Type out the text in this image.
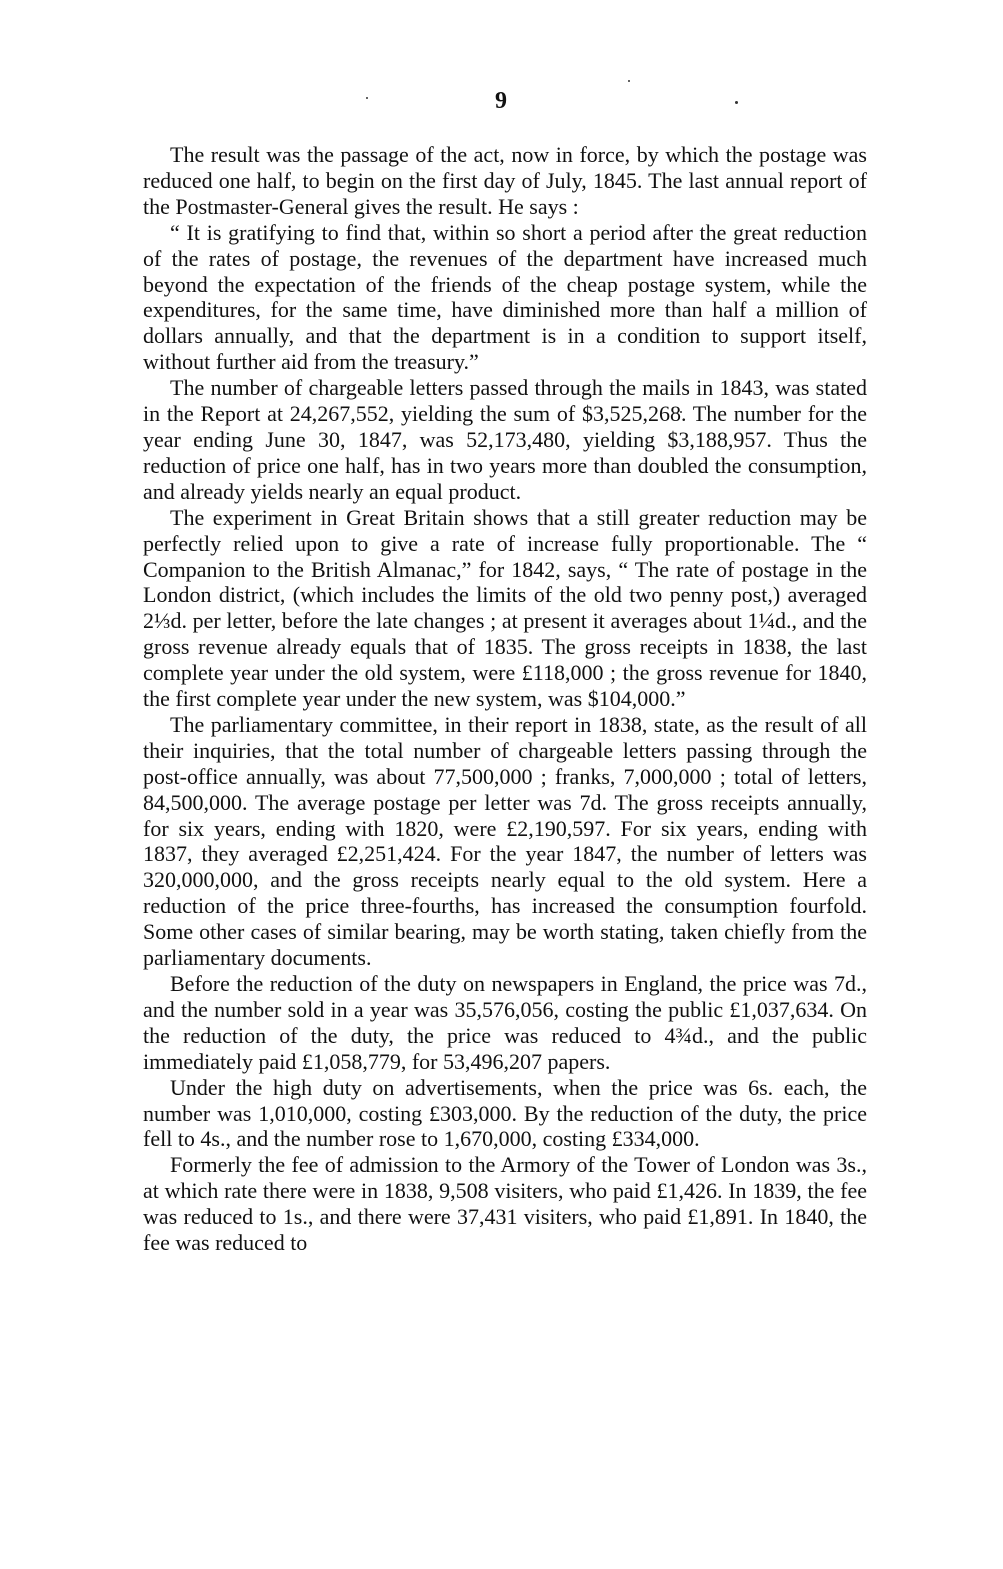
9

The result was the passage of the act, now in force, by which the postage was reduced one half, to begin on the first day of July, 1845. The last annual report of the Postmaster-General gives the result. He says :

“ It is gratifying to find that, within so short a period after the great reduction of the rates of postage, the revenues of the department have increased much beyond the expectation of the friends of the cheap postage system, while the expenditures, for the same time, have diminished more than half a million of dollars annually, and that the department is in a condition to support itself, without further aid from the treasury.”

The number of chargeable letters passed through the mails in 1843, was stated in the Report at 24,267,552, yielding the sum of $3,525,268. The number for the year ending June 30, 1847, was 52,173,480, yielding $3,188,957. Thus the reduction of price one half, has in two years more than doubled the consumption, and already yields nearly an equal product.

The experiment in Great Britain shows that a still greater reduction may be perfectly relied upon to give a rate of increase fully proportionable. The “ Companion to the British Almanac,” for 1842, says, “ The rate of postage in the London district, (which includes the limits of the old two penny post,) averaged 2⅓d. per letter, before the late changes ; at present it averages about 1¼d., and the gross revenue already equals that of 1835. The gross receipts in 1838, the last complete year under the old system, were £118,000 ; the gross revenue for 1840, the first complete year under the new system, was $104,000.”

The parliamentary committee, in their report in 1838, state, as the result of all their inquiries, that the total number of chargeable letters passing through the post-office annually, was about 77,500,000 ; franks, 7,000,000 ; total of letters, 84,500,000. The average postage per letter was 7d. The gross receipts annually, for six years, ending with 1820, were £2,190,597. For six years, ending with 1837, they averaged £2,251,424. For the year 1847, the number of letters was 320,000,000, and the gross receipts nearly equal to the old system. Here a reduction of the price three-fourths, has increased the consumption fourfold. Some other cases of similar bearing, may be worth stating, taken chiefly from the parliamentary documents.

Before the reduction of the duty on newspapers in England, the price was 7d., and the number sold in a year was 35,576,056, costing the public £1,037,634. On the reduction of the duty, the price was reduced to 4¾d., and the public immediately paid £1,058,779, for 53,496,207 papers.

Under the high duty on advertisements, when the price was 6s. each, the number was 1,010,000, costing £303,000. By the reduction of the duty, the price fell to 4s., and the number rose to 1,670,000, costing £334,000.

Formerly the fee of admission to the Armory of the Tower of London was 3s., at which rate there were in 1838, 9,508 visiters, who paid £1,426. In 1839, the fee was reduced to 1s., and there were 37,431 visiters, who paid £1,891. In 1840, the fee was reduced to
